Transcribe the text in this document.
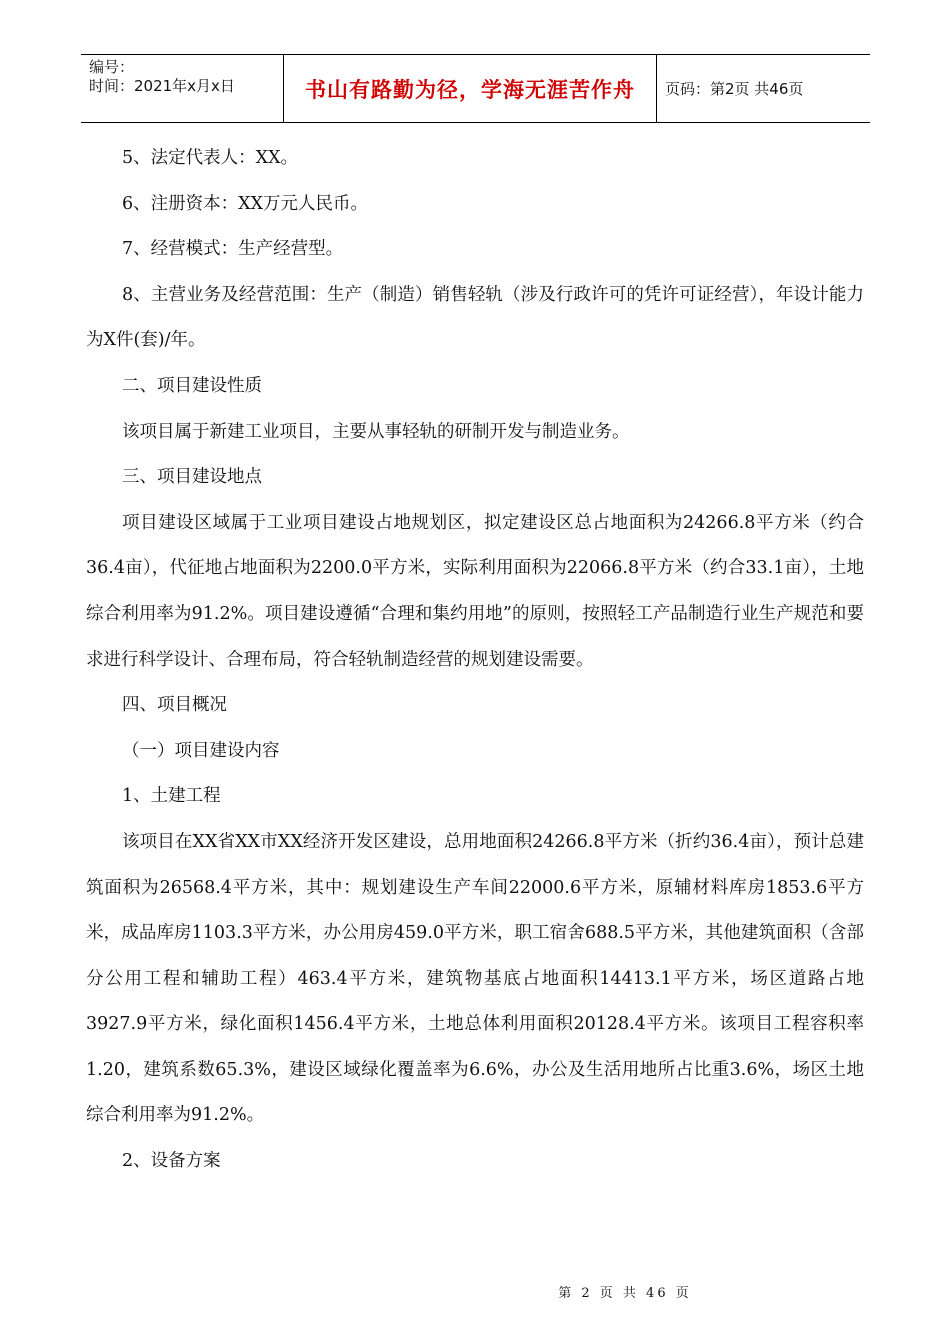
编号：
时间：2021年x月x日	书山有路勤为径，学海无涯苦作舟	页码：第2页 共46页

5、法定代表人：XX。

6、注册资本：XX万元人民币。

7、经营模式：生产经营型。

8、主营业务及经营范围：生产（制造）销售轻轨（涉及行政许可的凭许可证经营），年设计能力为X件(套)/年。

二、项目建设性质

该项目属于新建工业项目，主要从事轻轨的研制开发与制造业务。

三、项目建设地点

项目建设区域属于工业项目建设占地规划区，拟定建设区总占地面积为24266.8平方米（约合36.4亩），代征地占地面积为2200.0平方米，实际利用面积为22066.8平方米（约合33.1亩），土地综合利用率为91.2%。项目建设遵循“合理和集约用地”的原则，按照轻工产品制造行业生产规范和要求进行科学设计、合理布局，符合轻轨制造经营的规划建设需要。

四、项目概况

（一）项目建设内容

1、土建工程

该项目在XX省XX市XX经济开发区建设，总用地面积24266.8平方米（折约36.4亩），预计总建筑面积为26568.4平方米，其中：规划建设生产车间22000.6平方米，原辅材料库房1853.6平方米，成品库房1103.3平方米，办公用房459.0平方米，职工宿舍688.5平方米，其他建筑面积（含部分公用工程和辅助工程）463.4平方米，建筑物基底占地面积14413.1平方米，场区道路占地3927.9平方米，绿化面积1456.4平方米，土地总体利用面积20128.4平方米。该项目工程容积率1.20，建筑系数65.3%，建设区域绿化覆盖率为6.6%，办公及生活用地所占比重3.6%，场区土地综合利用率为91.2%。

2、设备方案

第 2 页 共 46 页
